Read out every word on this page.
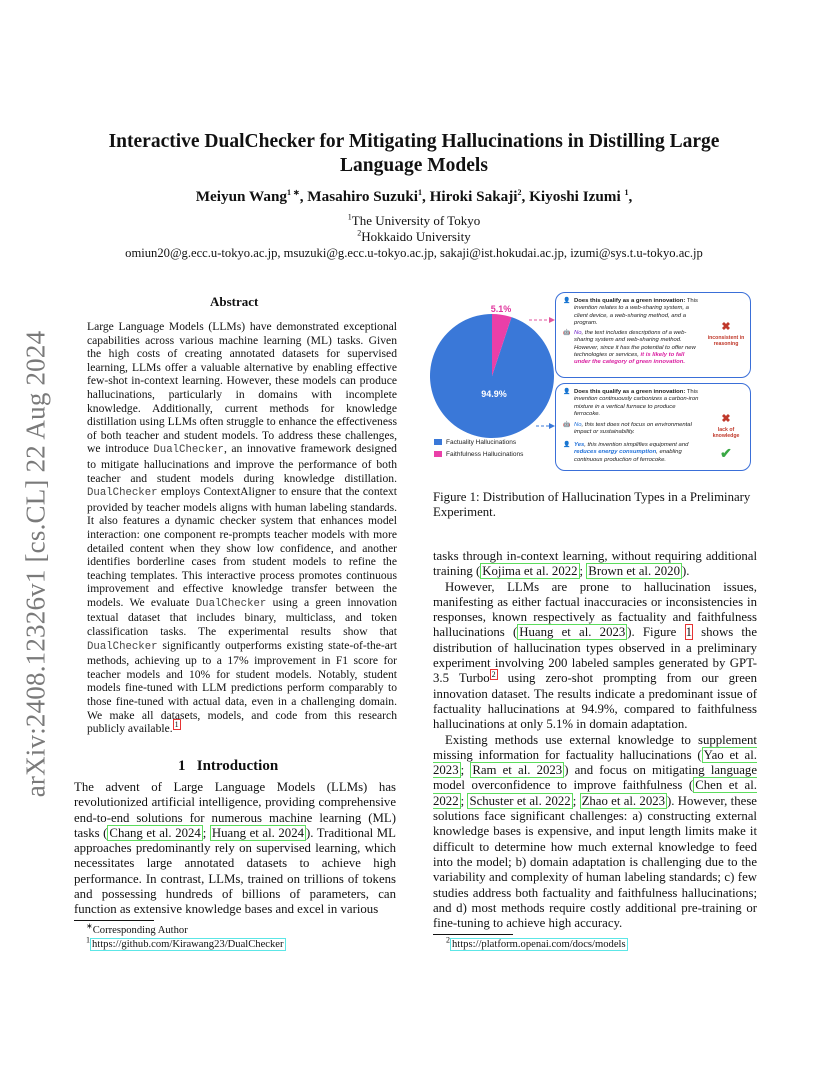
arXiv:2408.12326v1 [cs.CL] 22 Aug 2024
Interactive DualChecker for Mitigating Hallucinations in Distilling Large Language Models
Meiyun Wang$^{1 ∗}$, Masahiro Suzuki$^1$, Hiroki Sakaji$^2$, Kiyoshi Izumi $^1$,
$^1$The University of Tokyo
$^2$Hokkaido University
omiun20@g.ecc.u-tokyo.ac.jp, msuzuki@g.ecc.u-tokyo.ac.jp, sakaji@ist.hokudai.ac.jp, izumi@sys.t.u-tokyo.ac.jp
Abstract
Large Language Models (LLMs) have demonstrated exceptional capabilities across various machine learning (ML) tasks. Given the high costs of creating annotated datasets for supervised learning, LLMs offer a valuable alternative by enabling effective few-shot in-context learning. However, these models can produce hallucinations, particularly in domains with incomplete knowledge. Additionally, current methods for knowledge distillation using LLMs often struggle to enhance the effectiveness of both teacher and student models. To address these challenges, we introduce DualChecker, an innovative framework designed to mitigate hallucinations and improve the performance of both teacher and student models during knowledge distillation. DualChecker employs ContextAligner to ensure that the context provided by teacher models aligns with human labeling standards. It also features a dynamic checker system that enhances model interaction: one component re-prompts teacher models with more detailed content when they show low confidence, and another identifies borderline cases from student models to refine the teaching templates. This interactive process promotes continuous improvement and effective knowledge transfer between the models. We evaluate DualChecker using a green innovation textual dataset that includes binary, multiclass, and token classification tasks. The experimental results show that DualChecker significantly outperforms existing state-of-the-art methods, achieving up to a 17% improvement in F1 score for teacher models and 10% for student models. Notably, student models fine-tuned with LLM predictions perform comparably to those fine-tuned with actual data, even in a challenging domain. We make all datasets, models, and code from this research publicly available. $^1$
1 Introduction
The advent of Large Language Models (LLMs) has revolutionized artificial intelligence, providing comprehensive end-to-end solutions for numerous machine learning (ML) tasks ( Chang et al. 2024 ; Huang et al. 2024 ). Traditional ML approaches predominantly rely on supervised learning, which necessitates large annotated datasets to achieve high performance. In contrast, LLMs, trained on trillions of tokens and possessing hundreds of billions of parameters, can function as extensive knowledge bases and excel in various
∗Corresponding Author
$^1$ https://github.com/Kirawang23/DualChecker
94.9%
5.1%
👤 Does this qualify as a green innovation: This
invention relates to a web-sharing system, a
client device, a web-sharing method, and a
program.
🤖 No, the text includes descriptions of a web-
sharing system and web-sharing method.
However, since it has the potential to offer new
technologies or services, it is likely to fall
under the category of green innovation.
✖
inconsistent in reasoning
👤 Does this qualify as a green innovation: This
invention continuously carbonizes a carbon-iron
mixture in a vertical furnace to produce
ferrocoke.
🤖 No, this text does not focus on environmental
impact or sustainability.
✖
lack of knowledge
👤 Yes, this invention simplifies equipment and
reduces energy consumption, enabling
continuous production of ferrocoke.	✔
Factuality Hallucinations
Faithfulness Hallucinations
Figure 1: Distribution of Hallucination Types in a Preliminary Experiment.

tasks through in-context learning, without requiring additional training ( Kojima et al. 2022 ; Brown et al. 2020 ).

However, LLMs are prone to hallucination issues, manifesting as either factual inaccuracies or inconsistencies in responses, known respectively as factuality and faithfulness hallucinations ( Huang et al. 2023 ). Figure 1 shows the distribution of hallucination types observed in a preliminary experiment involving 200 labeled samples generated by GPT-3.5 Turbo $^2$ using zero-shot prompting from our green innovation dataset. The results indicate a predominant issue of factuality hallucinations at 94.9%, compared to faithfulness hallucinations at only 5.1% in domain adaptation.

Existing methods use external knowledge to supplement missing information for factuality hallucinations ( Yao et al. 2023 ; Ram et al. 2023 ) and focus on mitigating language model overconfidence to improve faithfulness ( Chen et al. 2022 ; Schuster et al. 2022 ; Zhao et al. 2023 ). However, these solutions face significant challenges: a) constructing external knowledge bases is expensive, and input length limits make it difficult to determine how much external knowledge to feed into the model; b) domain adaptation is challenging due to the variability and complexity of human labeling standards; c) few studies address both factuality and faithfulness hallucinations; and d) most methods require costly additional pre-training or fine-tuning to achieve high accuracy.

$^2$ https://platform.openai.com/docs/models
